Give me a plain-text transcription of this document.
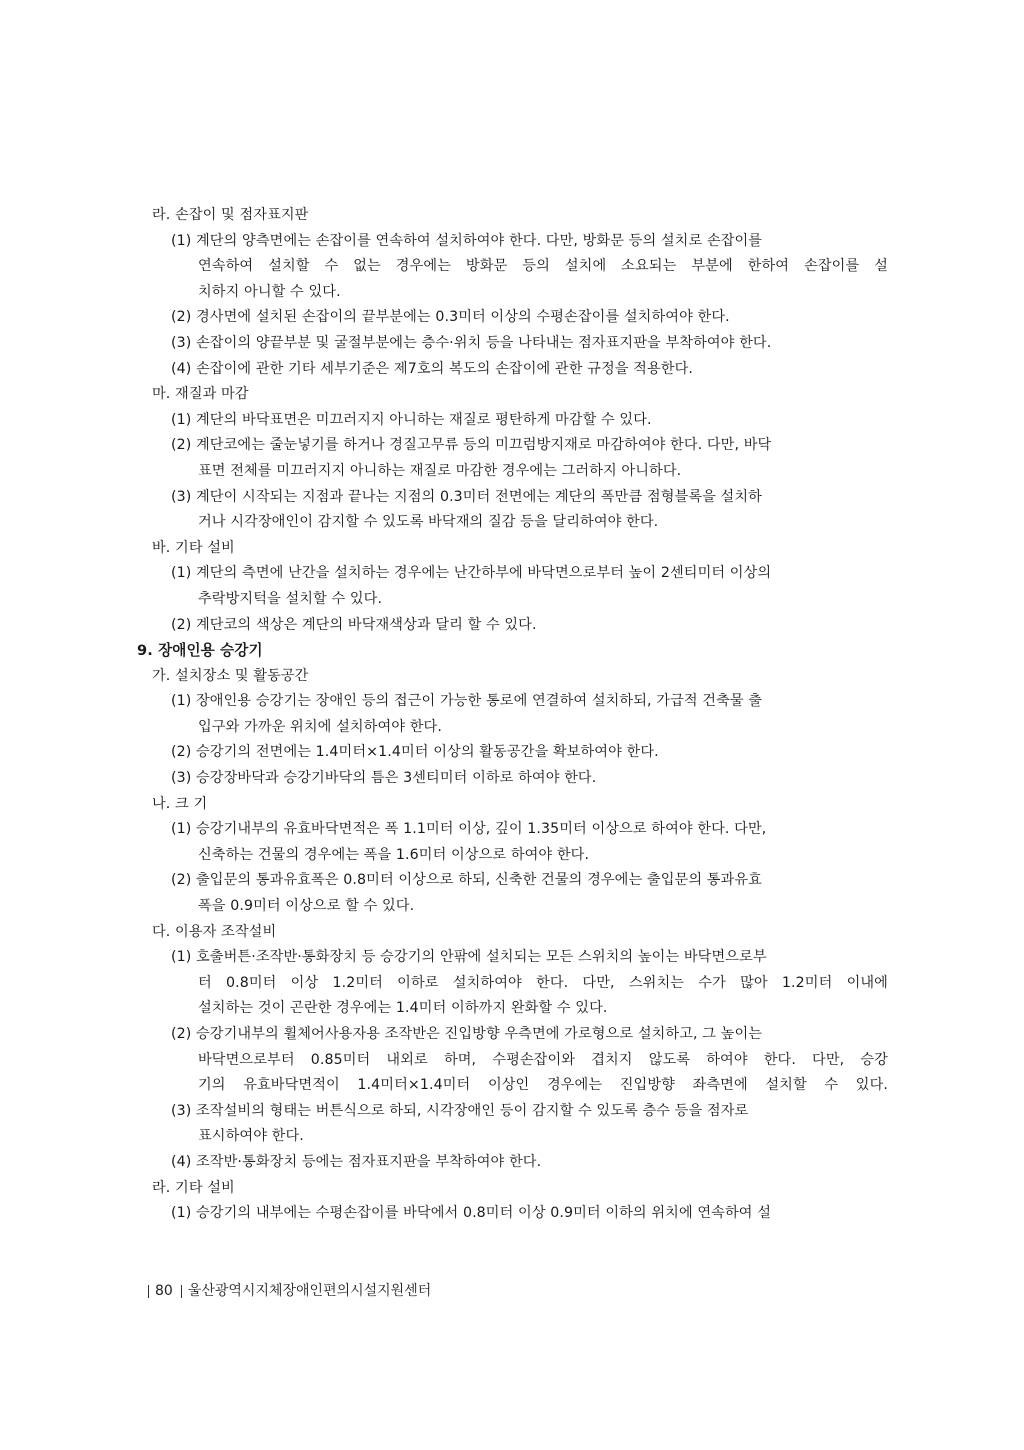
라. 손잡이 및 점자표지판
(1) 계단의 양측면에는 손잡이를 연속하여 설치하여야 한다. 다만, 방화문 등의 설치로 손잡이를
연속하여 설치할 수 없는 경우에는 방화문 등의 설치에 소요되는 부분에 한하여 손잡이를 설
치하지 아니할 수 있다.
(2) 경사면에 설치된 손잡이의 끝부분에는 0.3미터 이상의 수평손잡이를 설치하여야 한다.
(3) 손잡이의 양끝부분 및 굴절부분에는 층수·위치 등을 나타내는 점자표지판을 부착하여야 한다.
(4) 손잡이에 관한 기타 세부기준은 제7호의 복도의 손잡이에 관한 규정을 적용한다.
마. 재질과 마감
(1) 계단의 바닥표면은 미끄러지지 아니하는 재질로 평탄하게 마감할 수 있다.
(2) 계단코에는 줄눈넣기를 하거나 경질고무류 등의 미끄럼방지재로 마감하여야 한다. 다만, 바닥
표면 전체를 미끄러지지 아니하는 재질로 마감한 경우에는 그러하지 아니하다.
(3) 계단이 시작되는 지점과 끝나는 지점의 0.3미터 전면에는 계단의 폭만큼 점형블록을 설치하
거나 시각장애인이 감지할 수 있도록 바닥재의 질감 등을 달리하여야 한다.
바. 기타 설비
(1) 계단의 측면에 난간을 설치하는 경우에는 난간하부에 바닥면으로부터 높이 2센티미터 이상의
추락방지턱을 설치할 수 있다.
(2) 계단코의 색상은 계단의 바닥재색상과 달리 할 수 있다.
9. 장애인용 승강기
가. 설치장소 및 활동공간
(1) 장애인용 승강기는 장애인 등의 접근이 가능한 통로에 연결하여 설치하되, 가급적 건축물 출
입구와 가까운 위치에 설치하여야 한다.
(2) 승강기의 전면에는 1.4미터×1.4미터 이상의 활동공간을 확보하여야 한다.
(3) 승강장바닥과 승강기바닥의 틈은 3센티미터 이하로 하여야 한다.
나. 크 기
(1) 승강기내부의 유효바닥면적은 폭 1.1미터 이상, 깊이 1.35미터 이상으로 하여야 한다. 다만,
신축하는 건물의 경우에는 폭을 1.6미터 이상으로 하여야 한다.
(2) 출입문의 통과유효폭은 0.8미터 이상으로 하되, 신축한 건물의 경우에는 출입문의 통과유효
폭을 0.9미터 이상으로 할 수 있다.
다. 이용자 조작설비
(1) 호출버튼·조작반·통화장치 등 승강기의 안팎에 설치되는 모든 스위치의 높이는 바닥면으로부
터 0.8미터 이상 1.2미터 이하로 설치하여야 한다. 다만, 스위치는 수가 많아 1.2미터 이내에
설치하는 것이 곤란한 경우에는 1.4미터 이하까지 완화할 수 있다.
(2) 승강기내부의 휠체어사용자용 조작반은 진입방향 우측면에 가로형으로 설치하고, 그 높이는
바닥면으로부터 0.85미터 내외로 하며, 수평손잡이와 겹치지 않도록 하여야 한다. 다만, 승강
기의 유효바닥면적이 1.4미터×1.4미터 이상인 경우에는 진입방향 좌측면에 설치할 수 있다.
(3) 조작설비의 형태는 버튼식으로 하되, 시각장애인 등이 감지할 수 있도록 층수 등을 점자로
표시하여야 한다.
(4) 조작반·통화장치 등에는 점자표지판을 부착하여야 한다.
라. 기타 설비
(1) 승강기의 내부에는 수평손잡이를 바닥에서 0.8미터 이상 0.9미터 이하의 위치에 연속하여 설
80 울산광역시지체장애인편의시설지원센터
